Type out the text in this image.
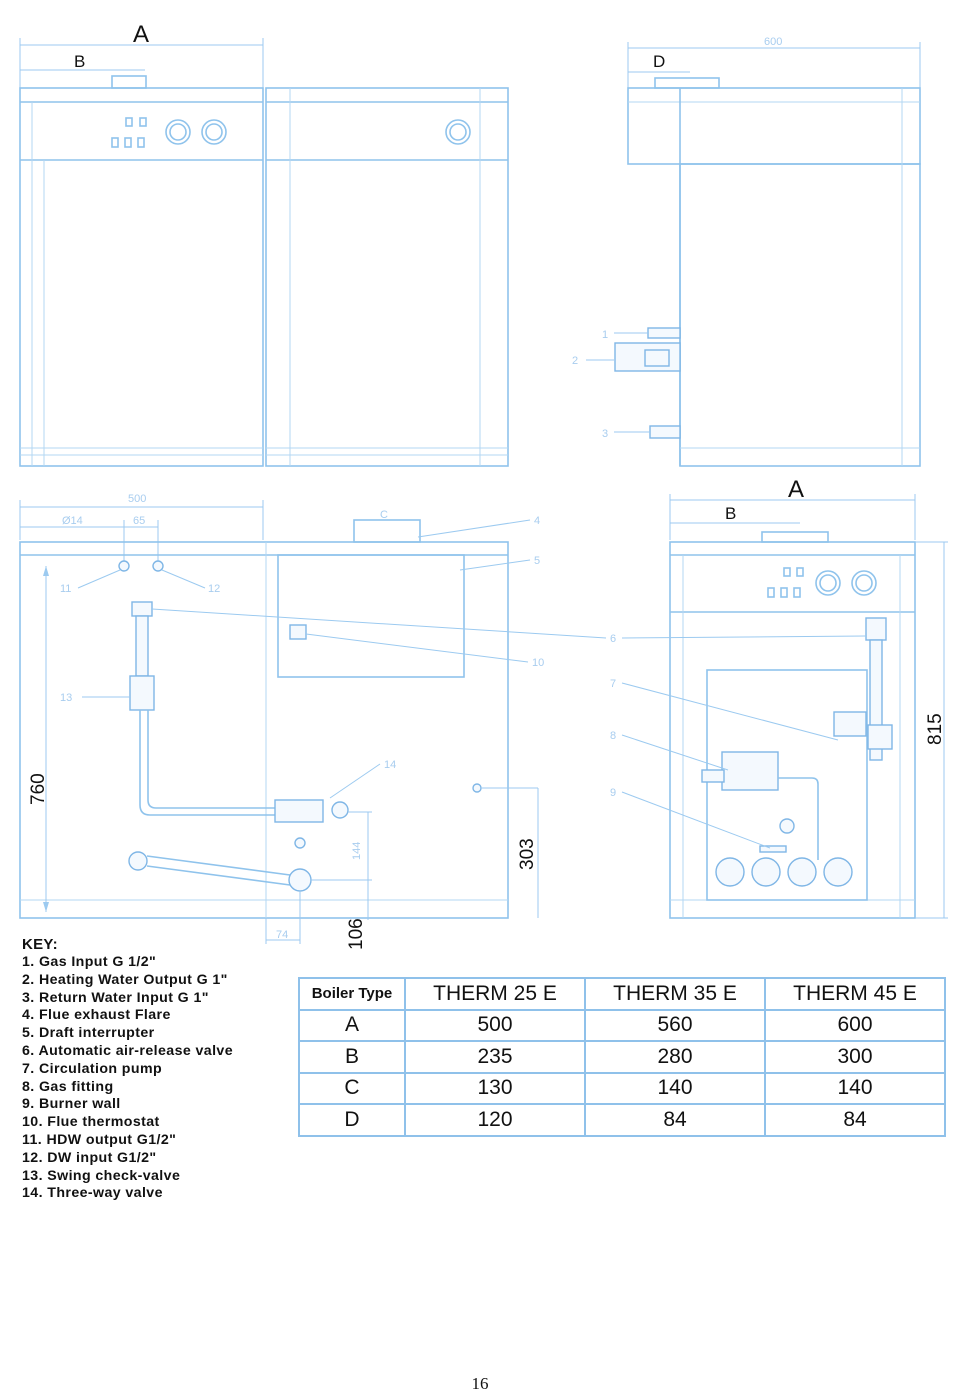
A
B
600
D
1
2
3
500
Ø14	65	C
11	12
13
4
5
10
14
760
303
144
106
74
A
B
6
7
8
9
815
KEY:
1. Gas Input G 1/2"
2. Heating Water Output G 1"
3. Return Water Input G 1"
4. Flue exhaust Flare
5. Draft interrupter
6. Automatic air-release valve
7. Circulation pump
8. Gas fitting
9. Burner wall
10. Flue thermostat
11. HDW output G1/2"
12. DW input G1/2"
13. Swing check-valve
14. Three-way valve
Boiler Type	THERM 25 E	THERM 35 E	THERM 45 E
A	500	560	600
B	235	280	300
C	130	140	140
D	120	84	84
16
